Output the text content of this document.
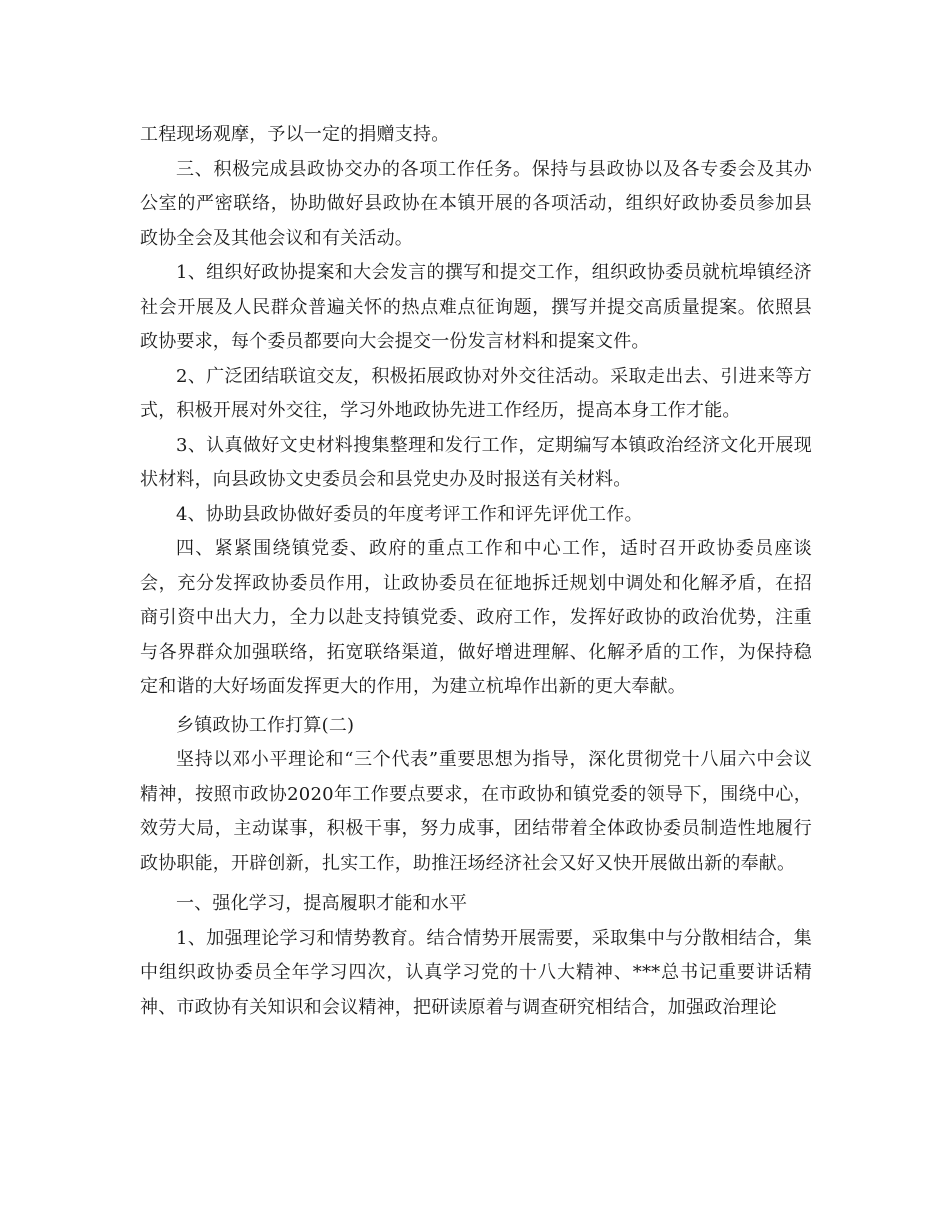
工程现场观摩，予以一定的捐赠支持。

三、积极完成县政协交办的各项工作任务。保持与县政协以及各专委会及其办公室的严密联络，协助做好县政协在本镇开展的各项活动，组织好政协委员参加县政协全会及其他会议和有关活动。

1、组织好政协提案和大会发言的撰写和提交工作，组织政协委员就杭埠镇经济社会开展及人民群众普遍关怀的热点难点征询题，撰写并提交高质量提案。依照县政协要求，每个委员都要向大会提交一份发言材料和提案文件。

2、广泛团结联谊交友，积极拓展政协对外交往活动。采取走出去、引进来等方式，积极开展对外交往，学习外地政协先进工作经历，提高本身工作才能。

3、认真做好文史材料搜集整理和发行工作，定期编写本镇政治经济文化开展现状材料，向县政协文史委员会和县党史办及时报送有关材料。

4、协助县政协做好委员的年度考评工作和评先评优工作。

四、紧紧围绕镇党委、政府的重点工作和中心工作，适时召开政协委员座谈会，充分发挥政协委员作用，让政协委员在征地拆迁规划中调处和化解矛盾，在招商引资中出大力，全力以赴支持镇党委、政府工作，发挥好政协的政治优势，注重与各界群众加强联络，拓宽联络渠道，做好增进理解、化解矛盾的工作，为保持稳定和谐的大好场面发挥更大的作用，为建立杭埠作出新的更大奉献。

乡镇政协工作打算(二)

坚持以邓小平理论和“三个代表”重要思想为指导，深化贯彻党十八届六中会议精神，按照市政协2020年工作要点要求，在市政协和镇党委的领导下，围绕中心，效劳大局，主动谋事，积极干事，努力成事，团结带着全体政协委员制造性地履行政协职能，开辟创新，扎实工作，助推汪场经济社会又好又快开展做出新的奉献。

一、强化学习，提高履职才能和水平

1、加强理论学习和情势教育。结合情势开展需要，采取集中与分散相结合，集中组织政协委员全年学习四次，认真学习党的十八大精神、***总书记重要讲话精神、市政协有关知识和会议精神，把研读原着与调查研究相结合，加强政治理论
